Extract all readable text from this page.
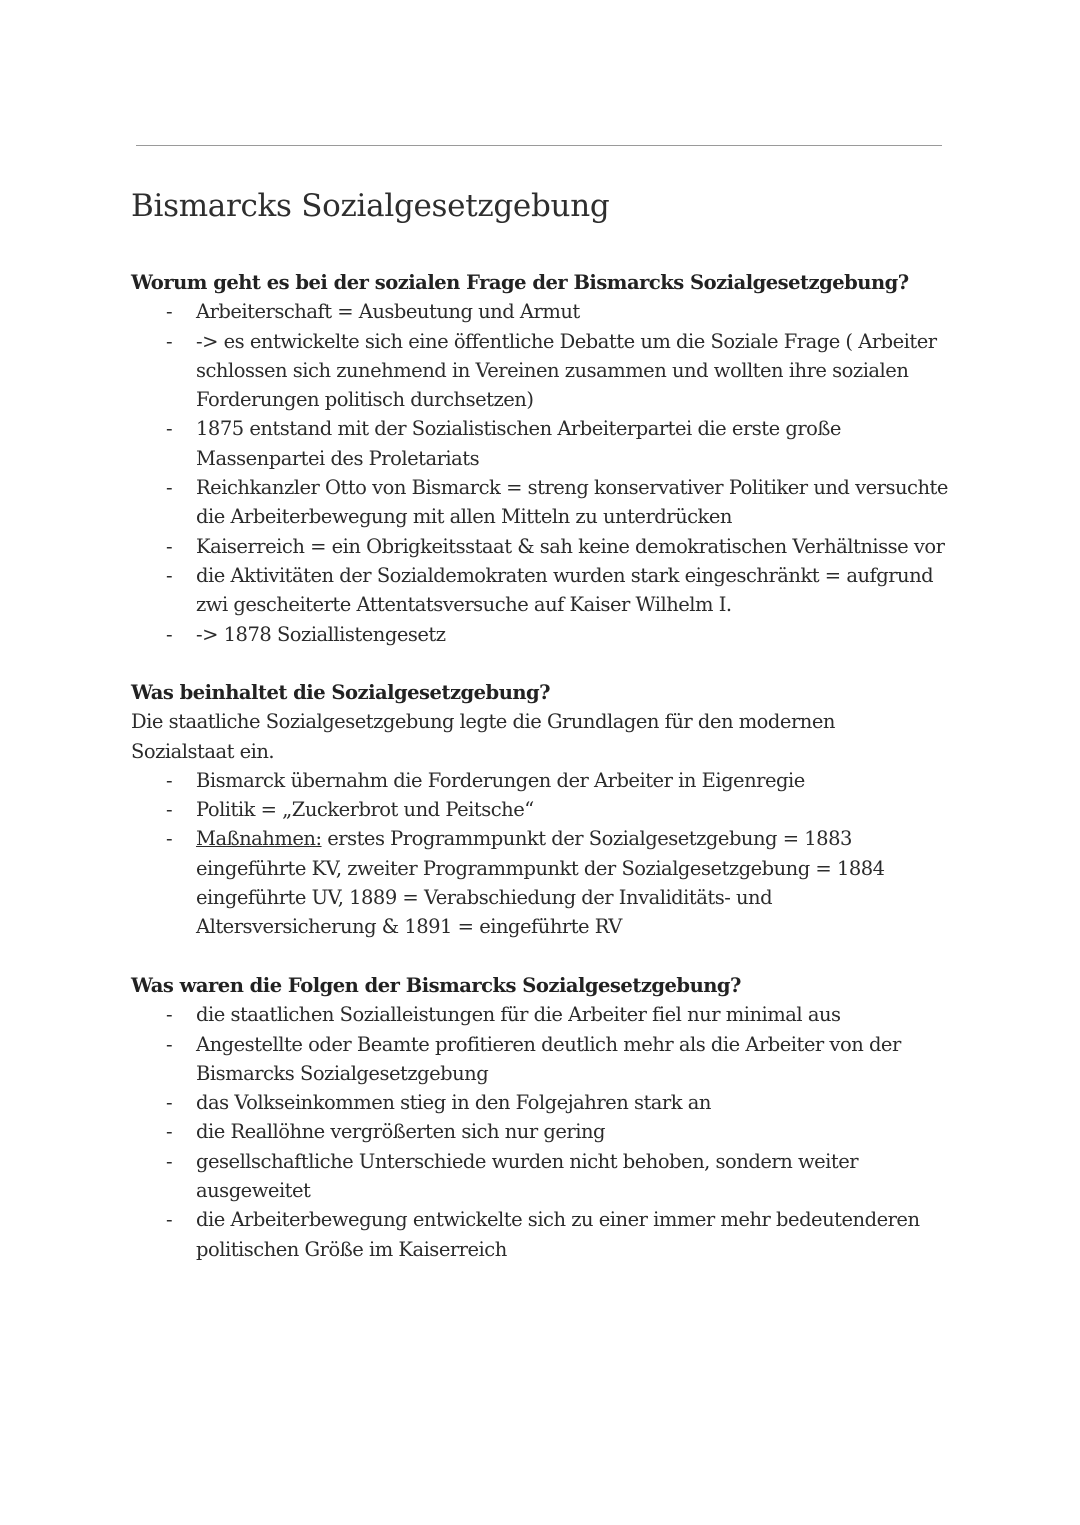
Bismarcks Sozialgesetzgebung
Worum geht es bei der sozialen Frage der Bismarcks Sozialgesetzgebung?
- Arbeiterschaft = Ausbeutung und Armut
- -> es entwickelte sich eine öffentliche Debatte um die Soziale Frage ( Arbeiter schlossen sich zunehmend in Vereinen zusammen und wollten ihre sozialen Forderungen politisch durchsetzen)
- 1875 entstand mit der Sozialistischen Arbeiterpartei die erste große Massenpartei des Proletariats
- Reichkanzler Otto von Bismarck = streng konservativer Politiker und versuchte die Arbeiterbewegung mit allen Mitteln zu unterdrücken
- Kaiserreich = ein Obrigkeitsstaat & sah keine demokratischen Verhältnisse vor
- die Aktivitäten der Sozialdemokraten wurden stark eingeschränkt = aufgrund zwi gescheiterte Attentatsversuche auf Kaiser Wilhelm I.
- -> 1878 Soziallistengesetz
Was beinhaltet die Sozialgesetzgebung?

Die staatliche Sozialgesetzgebung legte die Grundlagen für den modernen Sozialstaat ein.

- Bismarck übernahm die Forderungen der Arbeiter in Eigenregie
- Politik = „Zuckerbrot und Peitsche“
- Maßnahmen: erstes Programmpunkt der Sozialgesetzgebung = 1883 eingeführte KV, zweiter Programmpunkt der Sozialgesetzgebung = 1884 eingeführte UV, 1889 = Verabschiedung der Invaliditäts- und Altersversicherung & 1891 = eingeführte RV
Was waren die Folgen der Bismarcks Sozialgesetzgebung?
- die staatlichen Sozialleistungen für die Arbeiter fiel nur minimal aus
- Angestellte oder Beamte profitieren deutlich mehr als die Arbeiter von der Bismarcks Sozialgesetzgebung
- das Volkseinkommen stieg in den Folgejahren stark an
- die Reallöhne vergrößerten sich nur gering
- gesellschaftliche Unterschiede wurden nicht behoben, sondern weiter ausgeweitet
- die Arbeiterbewegung entwickelte sich zu einer immer mehr bedeutenderen politischen Größe im Kaiserreich
